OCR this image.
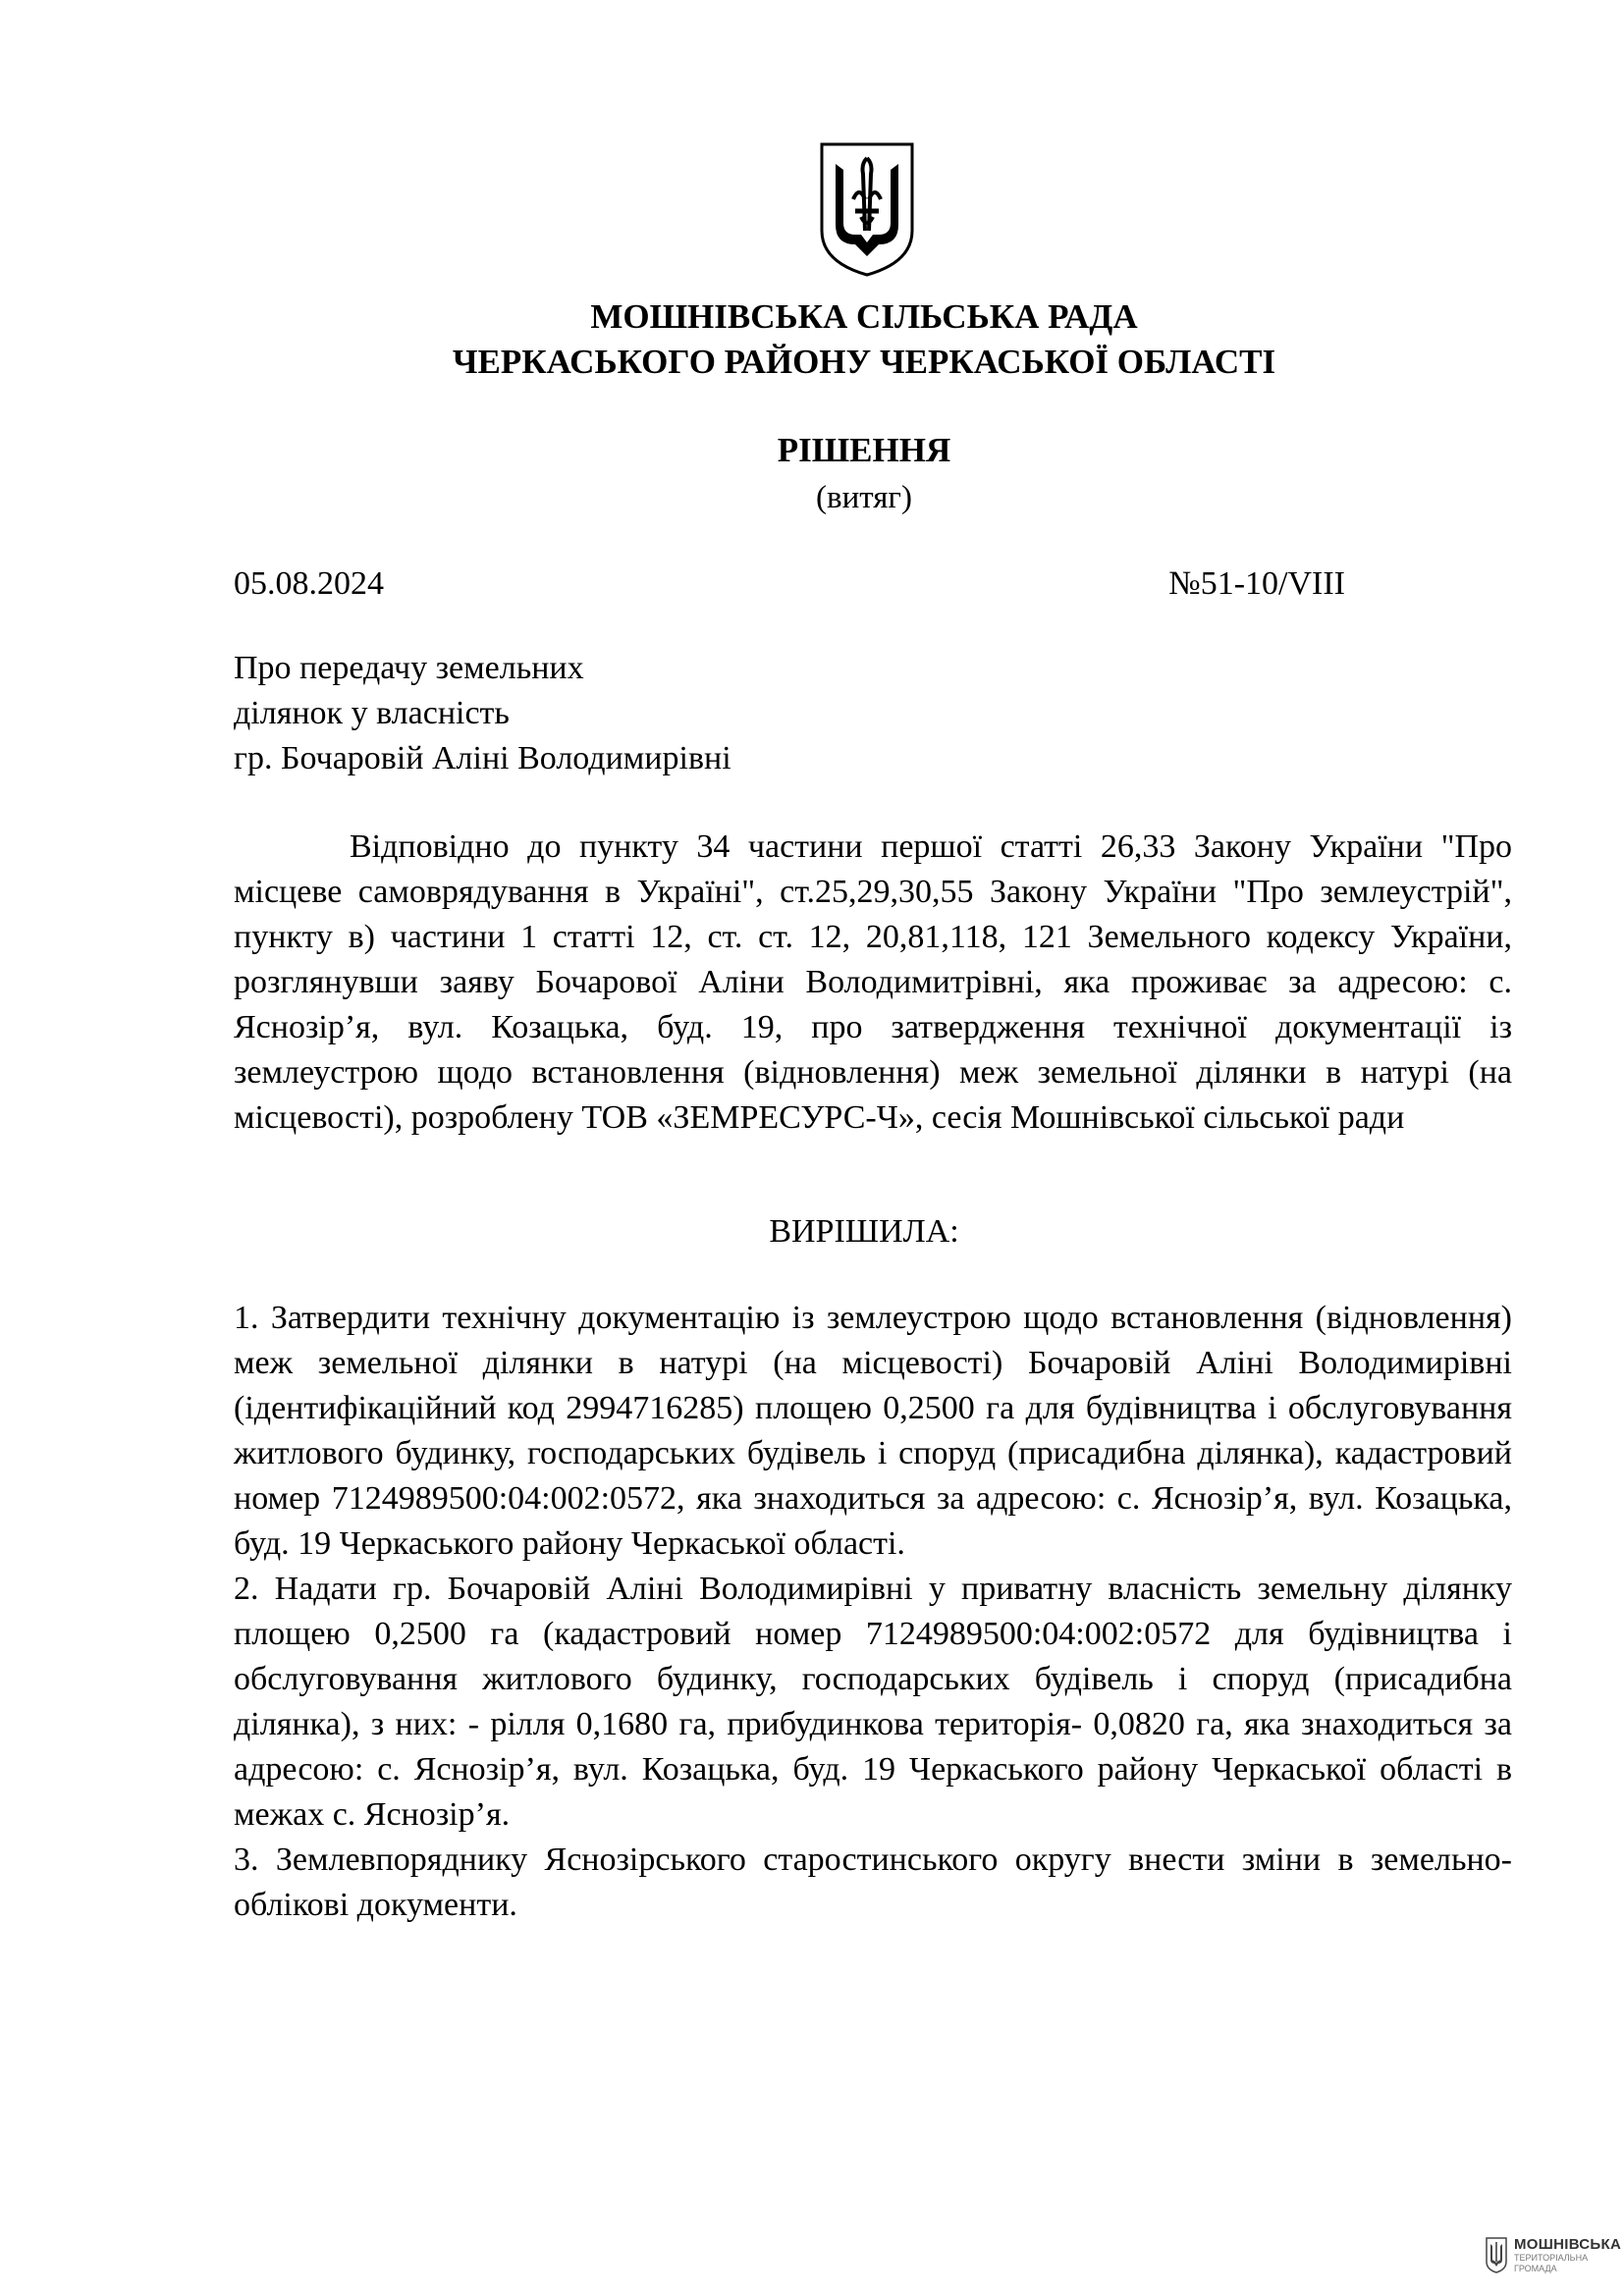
МОШНІВСЬКА СІЛЬСЬКА РАДА
ЧЕРКАСЬКОГО РАЙОНУ ЧЕРКАСЬКОЇ ОБЛАСТІ
РІШЕННЯ
(витяг)
05.08.2024	№51-10/VIII
Про передачу земельних
ділянок у власність
гр. Бочаровій Аліні Володимирівні
Відповідно до пункту 34 частини першої статті 26,33 Закону України "Про місцеве самоврядування в Україні", ст.25,29,30,55 Закону України "Про землеустрій", пункту в) частини 1 статті 12, ст. ст. 12, 20,81,118, 121 Земельного кодексу України, розглянувши заяву Бочарової Аліни Володимитрівні, яка проживає за адресою: с. Яснозір’я, вул. Козацька, буд. 19, про затвердження технічної документації із землеустрою щодо встановлення (відновлення) меж земельної ділянки в натурі (на місцевості), розроблену ТОВ «ЗЕМРЕСУРС-Ч», сесія Мошнівської сільської ради
ВИРІШИЛА:

1. Затвердити технічну документацію із землеустрою щодо встановлення (відновлення) меж земельної ділянки в натурі (на місцевості) Бочаровій Аліні Володимирівні (ідентифікаційний код 2994716285) площею 0,2500 га для будівництва і обслуговування житлового будинку, господарських будівель і споруд (присадибна ділянка), кадастровий номер 7124989500:04:002:0572, яка знаходиться за адресою: с. Яснозір’я, вул. Козацька, буд. 19 Черкаського району Черкаської області.

2. Надати гр. Бочаровій Аліні Володимирівні у приватну власність земельну ділянку площею 0,2500 га (кадастровий номер 7124989500:04:002:0572 для будівництва і обслуговування житлового будинку, господарських будівель і споруд (присадибна ділянка), з них: - рілля 0,1680 га, прибудинкова територія- 0,0820 га, яка знаходиться за адресою: с. Яснозір’я, вул. Козацька, буд. 19 Черкаського району Черкаської області в межах с. Яснозір’я.

3. Землевпоряднику Яснозірського старостинського округу внести зміни в земельно-облікові документи.

МОШНІВСЬКА
ТЕРИТОРІАЛЬНА
ГРОМАДА
